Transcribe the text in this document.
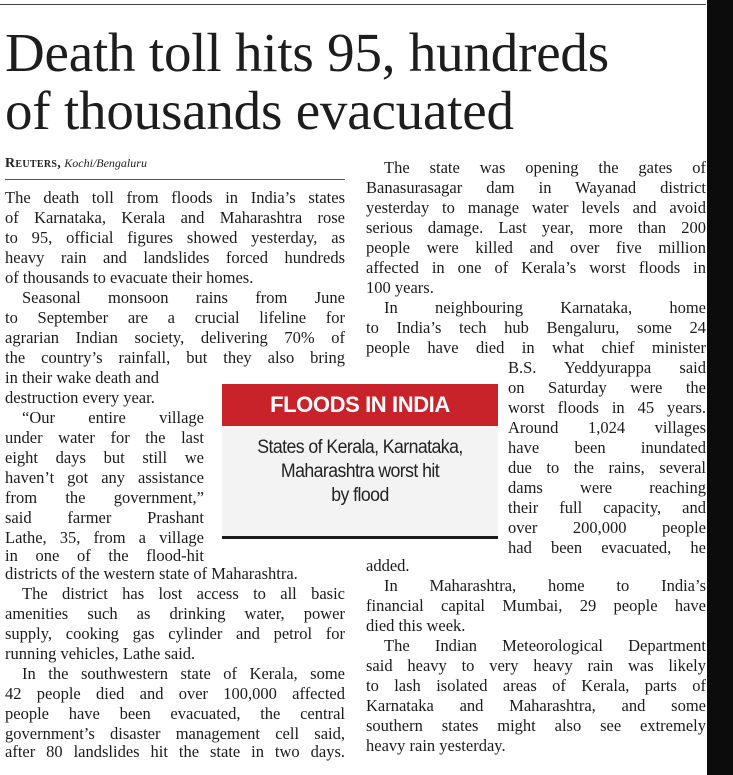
Death toll hits 95, hundreds
of thousands evacuated
Reuters, Kochi/Bengaluru

The death toll from floods in India’s states

of Karnataka, Kerala and Maharashtra rose

to 95, official figures showed yesterday, as

heavy rain and landslides forced hundreds

of thousands to evacuate their homes.

Seasonal monsoon rains from June

to September are a crucial lifeline for

agrarian Indian society, delivering 70% of

the country’s rainfall, but they also bring

in their wake death and

destruction every year.

“Our entire village

under water for the last

eight days but still we

haven’t got any assistance

from the government,”

said farmer Prashant

Lathe, 35, from a village

in one of the flood-hit

districts of the western state of Maharashtra.

The district has lost access to all basic

amenities such as drinking water, power

supply, cooking gas cylinder and petrol for

running vehicles, Lathe said.

In the southwestern state of Kerala, some

42 people died and over 100,000 affected

people have been evacuated, the central

government’s disaster management cell said,

after 80 landslides hit the state in two days.

The state was opening the gates of

Banasurasagar dam in Wayanad district

yesterday to manage water levels and avoid

serious damage. Last year, more than 200

people were killed and over five million

affected in one of Kerala’s worst floods in

100 years.

In neighbouring Karnataka, home

to India’s tech hub Bengaluru, some 24

people have died in what chief minister

B.S. Yeddyurappa said

on Saturday were the

worst floods in 45 years.

Around 1,024 villages

have been inundated

due to the rains, several

dams were reaching

their full capacity, and

over 200,000 people

had been evacuated, he

added.

In Maharashtra, home to India’s

financial capital Mumbai, 29 people have

died this week.

The Indian Meteorological Department

said heavy to very heavy rain was likely

to lash isolated areas of Kerala, parts of

Karnataka and Maharashtra, and some

southern states might also see extremely

heavy rain yesterday.

FLOODS IN INDIA
States of Kerala, Karnataka,
Maharashtra worst hit
by flood
